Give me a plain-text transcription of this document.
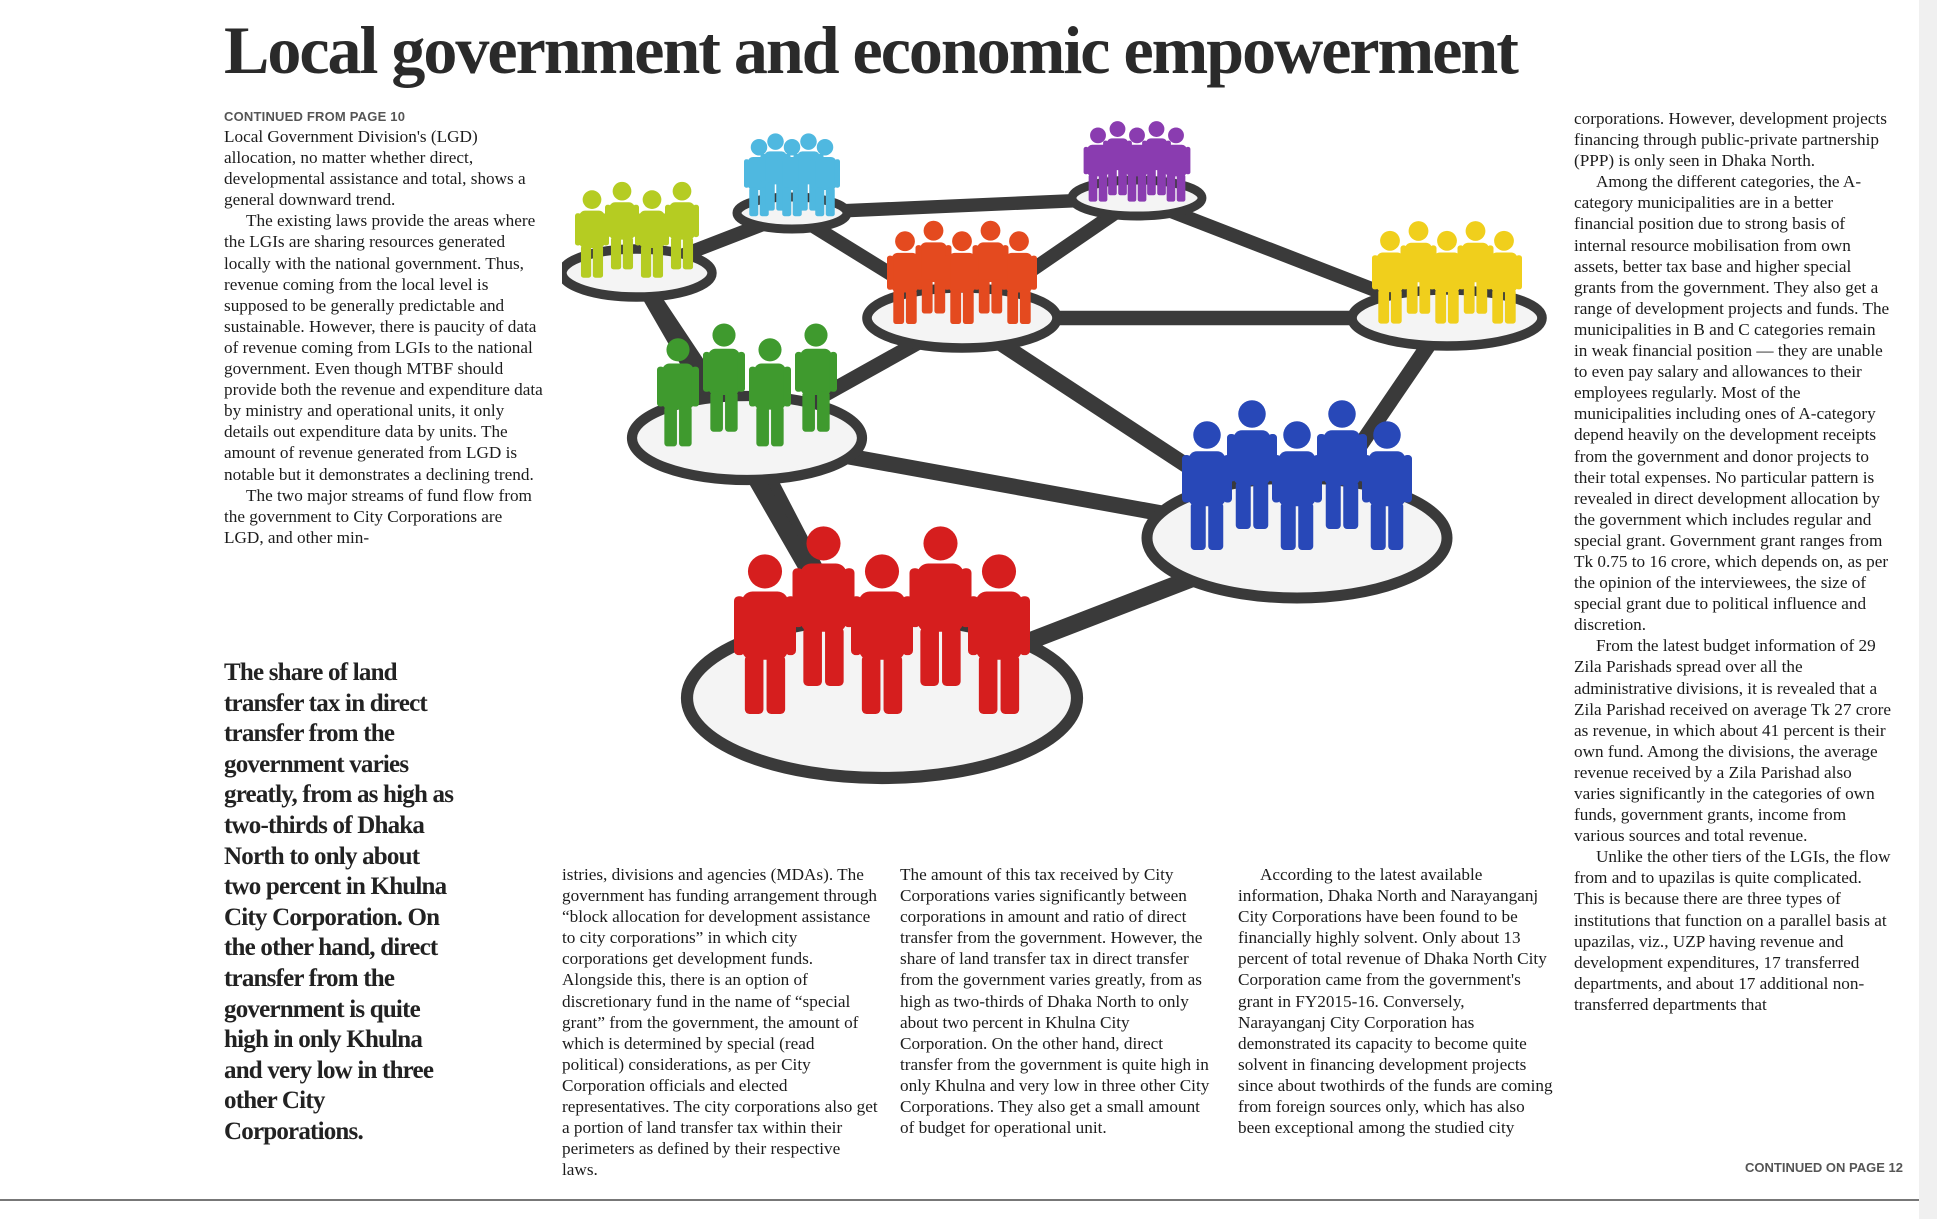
Local government and economic empowerment

CONTINUED FROM PAGE 10

Local Government Division's (LGD) allocation, no matter whether direct, developmental assistance and total, shows a general downward trend.

The existing laws provide the areas where the LGIs are sharing resources generated locally with the national government. Thus, revenue coming from the local level is supposed to be generally predictable and sustainable. However, there is paucity of data of revenue coming from LGIs to the national government. Even though MTBF should provide both the revenue and expenditure data by ministry and operational units, it only details out expenditure data by units. The amount of revenue generated from LGD is notable but it demonstrates a declining trend.

The two major streams of fund flow from the government to City Corporations are LGD, and other min-

The share of land transfer tax in direct transfer from the government varies greatly, from as high as two-thirds of Dhaka North to only about two percent in Khulna City Corporation. On the other hand, direct transfer from the government is quite high in only Khulna and very low in three other City Corporations.

istries, divisions and agencies (MDAs). The government has funding arrangement through “block allocation for development assistance to city corporations” in which city corporations get development funds. Alongside this, there is an option of discretionary fund in the name of “special grant” from the government, the amount of which is determined by special (read political) considerations, as per City Corporation officials and elected representatives. The city corporations also get a portion of land transfer tax within their perimeters as defined by their respective laws.

The amount of this tax received by City Corporations varies significantly between corporations in amount and ratio of direct transfer from the government. However, the share of land transfer tax in direct transfer from the government varies greatly, from as high as two-thirds of Dhaka North to only about two percent in Khulna City Corporation. On the other hand, direct transfer from the government is quite high in only Khulna and very low in three other City Corporations. They also get a small amount of budget for operational unit.

According to the latest available information, Dhaka North and Narayanganj City Corporations have been found to be financially highly solvent. Only about 13 percent of total revenue of Dhaka North City Corporation came from the government's grant in FY2015-16. Conversely, Narayanganj City Corporation has demonstrated its capacity to become quite solvent in financing development projects since about twothirds of the funds are coming from foreign sources only, which has also been exceptional among the studied city

corporations. However, development projects financing through public-private partnership (PPP) is only seen in Dhaka North.

Among the different categories, the A-category municipalities are in a better financial position due to strong basis of internal resource mobilisation from own assets, better tax base and higher special grants from the government. They also get a range of development projects and funds. The municipalities in B and C categories remain in weak financial position — they are unable to even pay salary and allowances to their employees regularly. Most of the municipalities including ones of A-category depend heavily on the development receipts from the government and donor projects to their total expenses. No particular pattern is revealed in direct development allocation by the government which includes regular and special grant. Government grant ranges from Tk 0.75 to 16 crore, which depends on, as per the opinion of the interviewees, the size of special grant due to political influence and discretion.

From the latest budget information of 29 Zila Parishads spread over all the administrative divisions, it is revealed that a Zila Parishad received on average Tk 27 crore as revenue, in which about 41 percent is their own fund. Among the divisions, the average revenue received by a Zila Parishad also varies significantly in the categories of own funds, government grants, income from various sources and total revenue.

Unlike the other tiers of the LGIs, the flow from and to upazilas is quite complicated. This is because there are three types of institutions that function on a parallel basis at upazilas, viz., UZP having revenue and development expenditures, 17 transferred departments, and about 17 additional non-transferred departments that

CONTINUED ON PAGE 12
